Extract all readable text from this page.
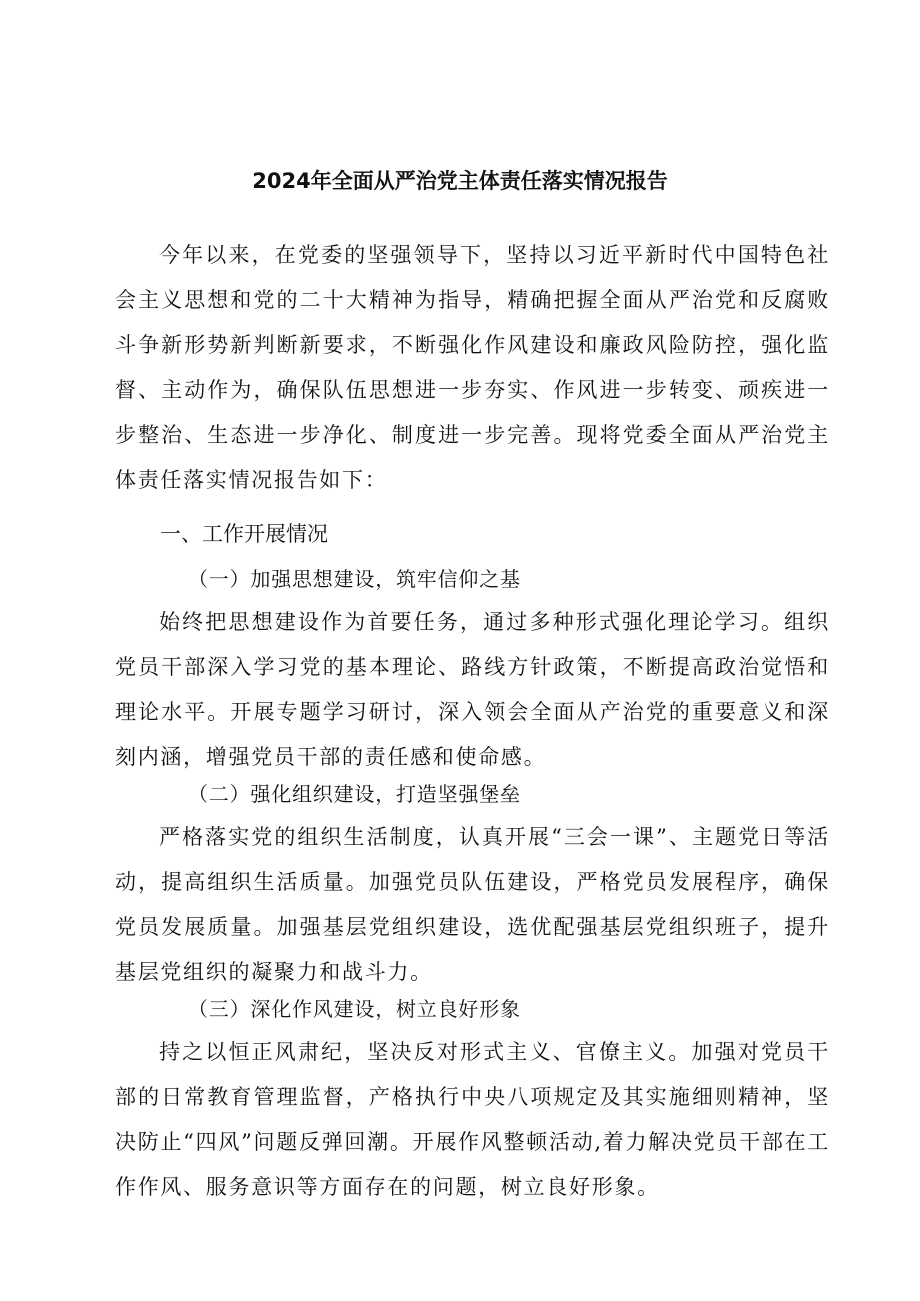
2024年全面从严治党主体责任落实情况报告

今年以来，在党委的坚强领导下，坚持以习近平新时代中国特色社会主义思想和党的二十大精神为指导，精确把握全面从严治党和反腐败斗争新形势新判断新要求，不断强化作风建设和廉政风险防控，强化监督、主动作为，确保队伍思想进一步夯实、作风进一步转变、顽疾进一步整治、生态进一步净化、制度进一步完善。现将党委全面从严治党主体责任落实情况报告如下：

一、工作开展情况
（一）加强思想建设，筑牢信仰之基

始终把思想建设作为首要任务，通过多种形式强化理论学习。组织党员干部深入学习党的基本理论、路线方针政策，不断提高政治觉悟和理论水平。开展专题学习研讨，深入领会全面从产治党的重要意义和深刻内涵，增强党员干部的责任感和使命感。

（二）强化组织建设，打造坚强堡垒

严格落实党的组织生活制度，认真开展“三会一课”、主题党日等活动，提高组织生活质量。加强党员队伍建设，严格党员发展程序，确保党员发展质量。加强基层党组织建设，选优配强基层党组织班子，提升基层党组织的凝聚力和战斗力。

（三）深化作风建设，树立良好形象

持之以恒正风肃纪，坚决反对形式主义、官僚主义。加强对党员干部的日常教育管理监督，产格执行中央八项规定及其实施细则精神，坚决防止“四风”问题反弹回潮。开展作风整顿活动,着力解决党员干部在工作作风、服务意识等方面存在的问题，树立良好形象。
